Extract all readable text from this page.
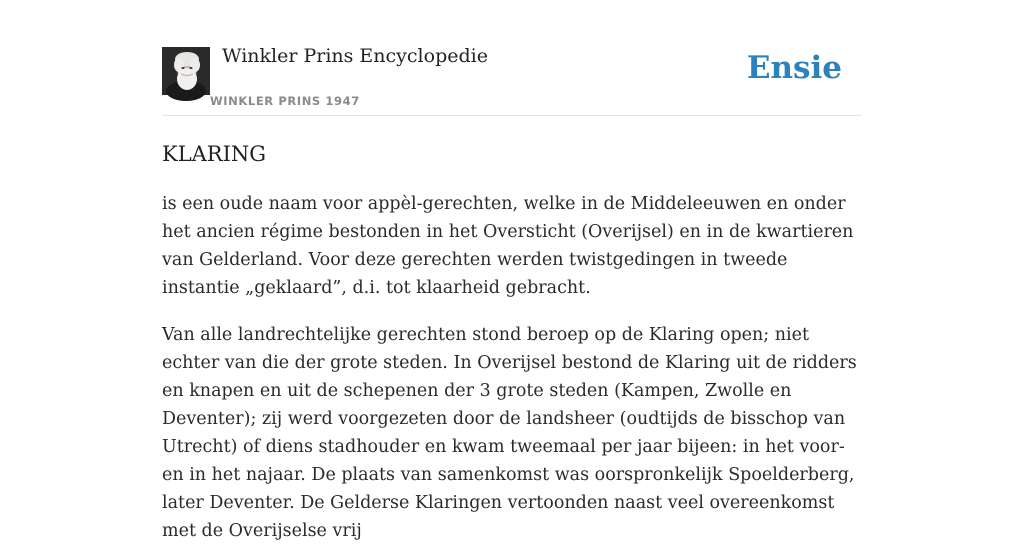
Winkler Prins Encyclopedie
WINKLER PRINS 1947
Ensie
KLARING

is een oude naam voor appèl-gerechten, welke in de Middeleeuwen en onder het ancien régime bestonden in het Oversticht (Overijsel) en in de kwartieren van Gelderland. Voor deze gerechten werden twistgedingen in tweede instantie „geklaard”, d.i. tot klaarheid gebracht.

Van alle landrechtelijke gerechten stond beroep op de Klaring open; niet echter van die der grote steden. In Overijsel bestond de Klaring uit de ridders en knapen en uit de schepenen der 3 grote steden (Kampen, Zwolle en Deventer); zij werd voorgezeten door de landsheer (oudtijds de bisschop van Utrecht) of diens stadhouder en kwam tweemaal per jaar bijeen: in het voor- en in het najaar. De plaats van samenkomst was oorspronkelijk Spoelderberg, later Deventer. De Gelderse Klaringen vertoonden naast veel overeenkomst met de Overijselse vrij
